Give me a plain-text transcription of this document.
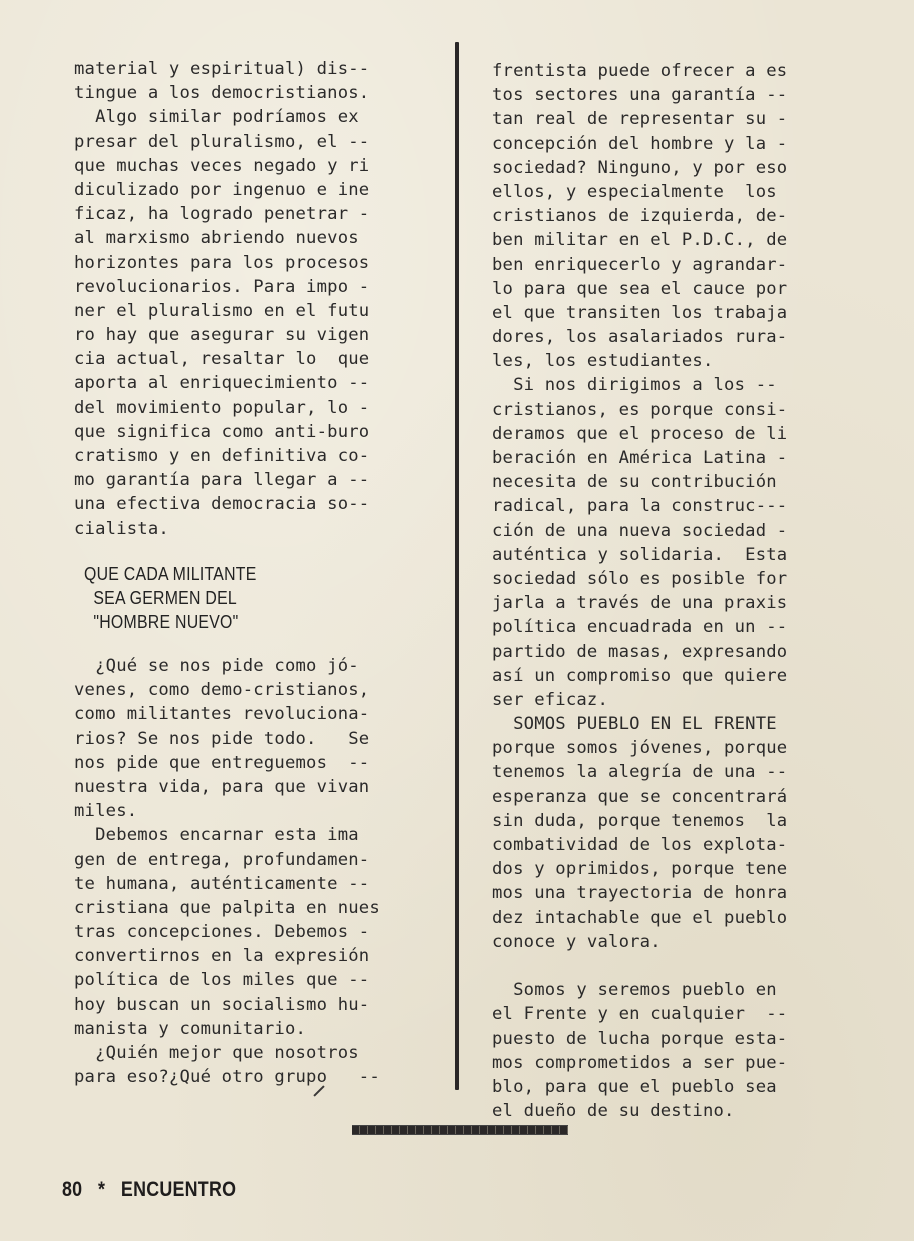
material y espiritual) dis--
tingue a los democristianos.
Algo similar podríamos ex
presar del pluralismo, el --
que muchas veces negado y ri
diculizado por ingenuo e ine
ficaz, ha logrado penetrar -
al marxismo abriendo nuevos
horizontes para los procesos
revolucionarios. Para impo -
ner el pluralismo en el futu
ro hay que asegurar su vigen
cia actual, resaltar lo  que
aporta al enriquecimiento --
del movimiento popular, lo -
que significa como anti-buro
cratismo y en definitiva co-
mo garantía para llegar a --
una efectiva democracia so--
cialista.
QUE CADA MILITANTE
SEA GERMEN DEL
"HOMBRE NUEVO"
¿Qué se nos pide como jó-
venes, como demo-cristianos,
como militantes revoluciona-
rios? Se nos pide todo.   Se
nos pide que entreguemos  --
nuestra vida, para que vivan
miles.
Debemos encarnar esta ima
gen de entrega, profundamen-
te humana, auténticamente --
cristiana que palpita en nues
tras concepciones. Debemos -
convertirnos en la expresión
política de los miles que --
hoy buscan un socialismo hu-
manista y comunitario.
¿Quién mejor que nosotros
para eso?¿Qué otro grupo   --
frentista puede ofrecer a es
tos sectores una garantía --
tan real de representar su -
concepción del hombre y la -
sociedad? Ninguno, y por eso
ellos, y especialmente  los
cristianos de izquierda, de-
ben militar en el P.D.C., de
ben enriquecerlo y agrandar-
lo para que sea el cauce por
el que transiten los trabaja
dores, los asalariados rura-
les, los estudiantes.
Si nos dirigimos a los --
cristianos, es porque consi-
deramos que el proceso de li
beración en América Latina -
necesita de su contribución
radical, para la construc---
ción de una nueva sociedad -
auténtica y solidaria.  Esta
sociedad sólo es posible for
jarla a través de una praxis
política encuadrada en un --
partido de masas, expresando
así un compromiso que quiere
ser eficaz.
SOMOS PUEBLO EN EL FRENTE
porque somos jóvenes, porque
tenemos la alegría de una --
esperanza que se concentrará
sin duda, porque tenemos  la
combatividad de los explota-
dos y oprimidos, porque tene
mos una trayectoria de honra
dez intachable que el pueblo
conoce y valora.
Somos y seremos pueblo en
el Frente y en cualquier  --
puesto de lucha porque esta-
mos comprometidos a ser pue-
blo, para que el pueblo sea
el dueño de su destino.
80 * ENCUENTRO
